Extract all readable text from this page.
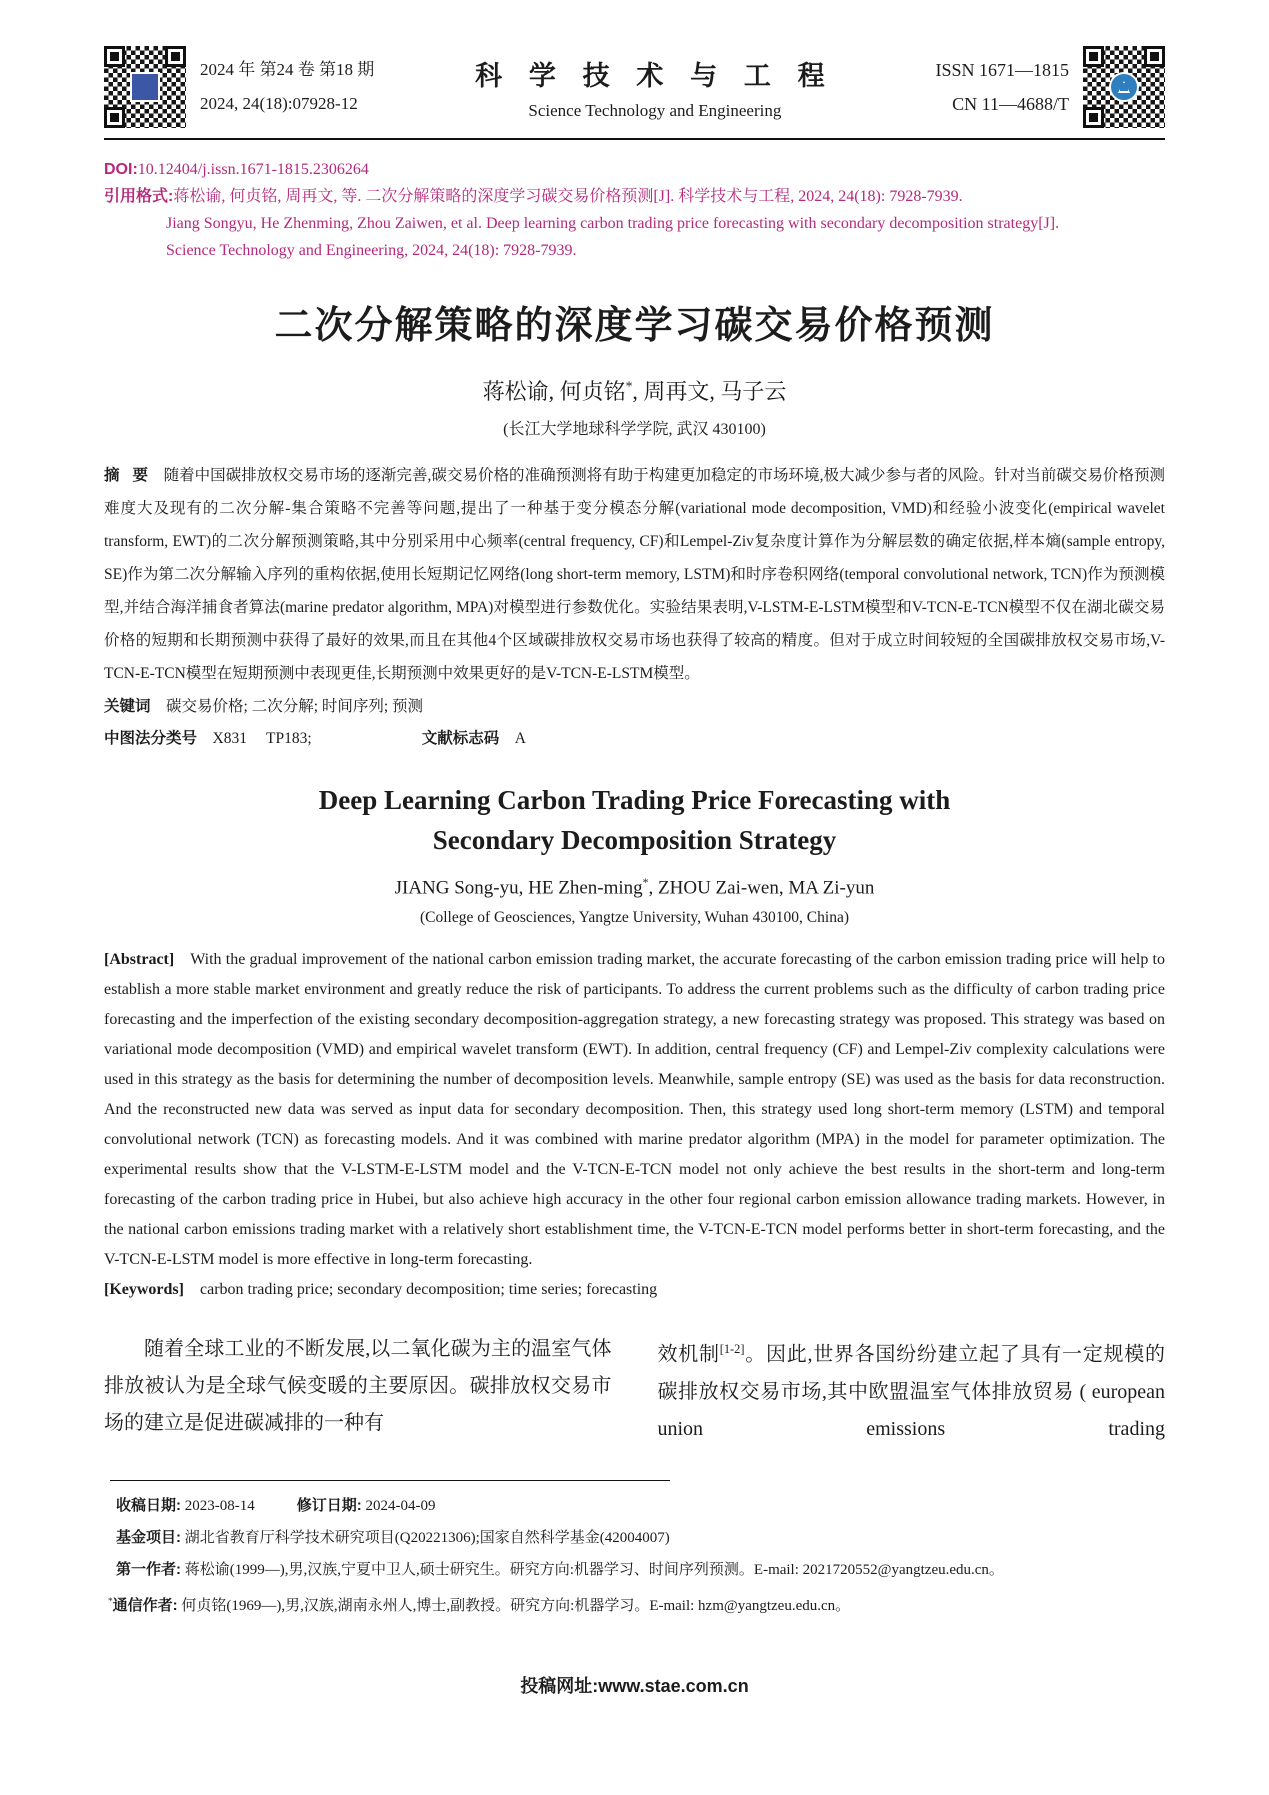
2024 年 第24 卷 第18 期
2024, 24(18):07928-12
科 学 技 术 与 工 程
Science Technology and Engineering
ISSN 1671—1815
CN 11—4688/T

DOI:10.12404/j.issn.1671-1815.2306264

引用格式:蒋松谕, 何贞铭, 周再文, 等. 二次分解策略的深度学习碳交易价格预测[J]. 科学技术与工程, 2024, 24(18): 7928-7939.

Jiang Songyu, He Zhenming, Zhou Zaiwen, et al. Deep learning carbon trading price forecasting with secondary decomposition strategy[J].

Science Technology and Engineering, 2024, 24(18): 7928-7939.

二次分解策略的深度学习碳交易价格预测

蒋松谕, 何贞铭*, 周再文, 马子云

(长江大学地球科学学院, 武汉 430100)

摘   要  随着中国碳排放权交易市场的逐渐完善,碳交易价格的准确预测将有助于构建更加稳定的市场环境,极大减少参与者的风险。针对当前碳交易价格预测难度大及现有的二次分解-集合策略不完善等问题,提出了一种基于变分模态分解(variational mode decomposition, VMD)和经验小波变化(empirical wavelet transform, EWT)的二次分解预测策略,其中分别采用中心频率(central frequency, CF)和Lempel-Ziv复杂度计算作为分解层数的确定依据,样本熵(sample entropy, SE)作为第二次分解输入序列的重构依据,使用长短期记忆网络(long short-term memory, LSTM)和时序卷积网络(temporal convolutional network, TCN)作为预测模型,并结合海洋捕食者算法(marine predator algorithm, MPA)对模型进行参数优化。实验结果表明,V-LSTM-E-LSTM模型和V-TCN-E-TCN模型不仅在湖北碳交易价格的短期和长期预测中获得了最好的效果,而且在其他4个区域碳排放权交易市场也获得了较高的精度。但对于成立时间较短的全国碳排放权交易市场,V-TCN-E-TCN模型在短期预测中表现更佳,长期预测中效果更好的是V-TCN-E-LSTM模型。

关键词  碳交易价格; 二次分解; 时间序列; 预测

中图法分类号  X831     TP183;	文献标志码  A

Deep Learning Carbon Trading Price Forecasting with
Secondary Decomposition Strategy

JIANG Song-yu, HE Zhen-ming*, ZHOU Zai-wen, MA Zi-yun

(College of Geosciences, Yangtze University, Wuhan 430100, China)

[Abstract]  With the gradual improvement of the national carbon emission trading market, the accurate forecasting of the carbon emission trading price will help to establish a more stable market environment and greatly reduce the risk of participants. To address the current problems such as the difficulty of carbon trading price forecasting and the imperfection of the existing secondary decomposition-aggregation strategy, a new forecasting strategy was proposed. This strategy was based on variational mode decomposition (VMD) and empirical wavelet transform (EWT). In addition, central frequency (CF) and Lempel-Ziv complexity calculations were used in this strategy as the basis for determining the number of decomposition levels. Meanwhile, sample entropy (SE) was used as the basis for data reconstruction. And the reconstructed new data was served as input data for secondary decomposition. Then, this strategy used long short-term memory (LSTM) and temporal convolutional network (TCN) as forecasting models. And it was combined with marine predator algorithm (MPA) in the model for parameter optimization. The experimental results show that the V-LSTM-E-LSTM model and the V-TCN-E-TCN model not only achieve the best results in the short-term and long-term forecasting of the carbon trading price in Hubei, but also achieve high accuracy in the other four regional carbon emission allowance trading markets. However, in the national carbon emissions trading market with a relatively short establishment time, the V-TCN-E-TCN model performs better in short-term forecasting, and the V-TCN-E-LSTM model is more effective in long-term forecasting.

[Keywords]  carbon trading price; secondary decomposition; time series; forecasting

随着全球工业的不断发展,以二氧化碳为主的温室气体排放被认为是全球气候变暖的主要原因。碳排放权交易市场的建立是促进碳减排的一种有

效机制[1-2]。因此,世界各国纷纷建立起了具有一定规模的碳排放权交易市场,其中欧盟温室气体排放贸易 ( european union emissions trading

收稿日期: 2023-08-14	修订日期: 2024-04-09

基金项目: 湖北省教育厅科学技术研究项目(Q20221306);国家自然科学基金(42004007)

第一作者: 蒋松谕(1999—),男,汉族,宁夏中卫人,硕士研究生。研究方向:机器学习、时间序列预测。E-mail: 2021720552@yangtzeu.edu.cn。

*通信作者: 何贞铭(1969—),男,汉族,湖南永州人,博士,副教授。研究方向:机器学习。E-mail: hzm@yangtzeu.edu.cn。

投稿网址:www.stae.com.cn
